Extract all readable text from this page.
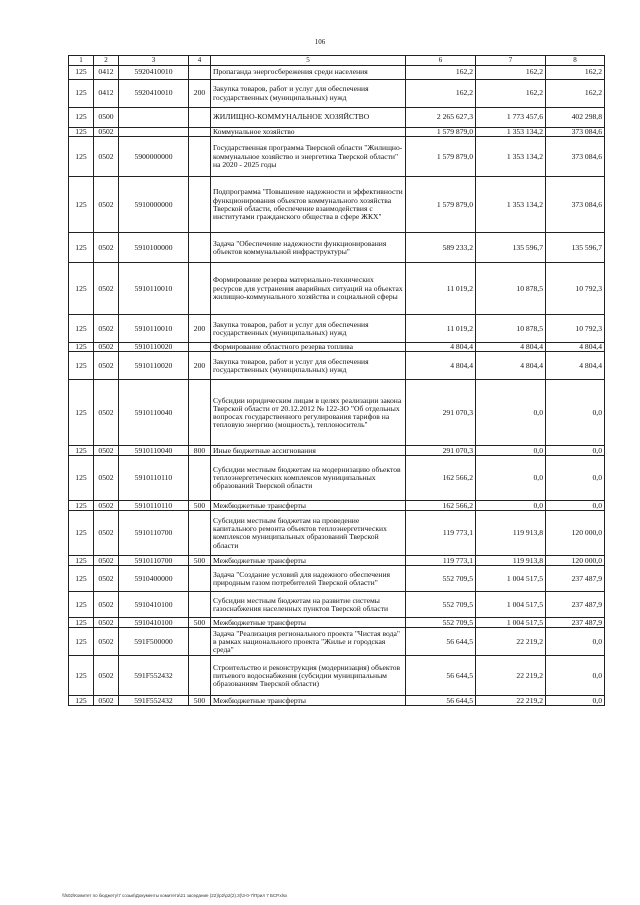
106
1	2	3	4	5	6	7	8
125	0412	5920410010		Пропаганда энергосбережения среди населения	162,2	162,2	162,2
125	0412	5920410010	200	Закупка товаров, работ и услуг для обеспечения государственных (муниципальных) нужд	162,2	162,2	162,2
125	0500			ЖИЛИЩНО-КОММУНАЛЬНОЕ ХОЗЯЙСТВО	2 265 627,3	1 773 457,6	402 298,8
125	0502			Коммунальное хозяйство	1 579 879,0	1 353 134,2	373 084,6
125	0502	5900000000		Государственная программа Тверской области "Жилищно-коммунальное хозяйство и энергетика Тверской области" на 2020 - 2025 годы	1 579 879,0	1 353 134,2	373 084,6
125	0502	5910000000		Подпрограмма "Повышение надежности и эффективности функционирования объектов коммунального хозяйства Тверской области, обеспечение взаимодействия с институтами гражданского общества в сфере ЖКХ"	1 579 879,0	1 353 134,2	373 084,6
125	0502	5910100000		Задача "Обеспечение надежности функционирования объектов коммунальной инфраструктуры"	589 233,2	135 596,7	135 596,7
125	0502	5910110010		Формирование резерва материально-технических ресурсов для устранения аварийных ситуаций на объектах жилищно-коммунального хозяйства и социальной сферы	11 019,2	10 878,5	10 792,3
125	0502	5910110010	200	Закупка товаров, работ и услуг для обеспечения государственных (муниципальных) нужд	11 019,2	10 878,5	10 792,3
125	0502	5910110020		Формирование областного резерва топлива	4 804,4	4 804,4	4 804,4
125	0502	5910110020	200	Закупка товаров, работ и услуг для обеспечения государственных (муниципальных) нужд	4 804,4	4 804,4	4 804,4
125	0502	5910110040		Субсидии юридическим лицам в целях реализации закона Тверской области от 20.12.2012 № 122-ЗО "Об отдельных вопросах государственного регулирования тарифов на тепловую энергию (мощность), теплоноситель"	291 070,3	0,0	0,0
125	0502	5910110040	800	Иные бюджетные ассигнования	291 070,3	0,0	0,0
125	0502	5910110110		Субсидии местным бюджетам на модернизацию объектов теплоэнергетических комплексов муниципальных образований Тверской области	162 566,2	0,0	0,0
125	0502	5910110110	500	Межбюджетные трансферты	162 566,2	0,0	0,0
125	0502	5910110700		Субсидии местным бюджетам на проведение капитального ремонта объектов теплоэнергетических комплексов муниципальных образований Тверской области	119 773,1	119 913,8	120 000,0
125	0502	5910110700	500	Межбюджетные трансферты	119 773,1	119 913,8	120 000,0
125	0502	5910400000		Задача "Создание условий для надежного обеспечения природным газом потребителей Тверской области"	552 709,5	1 004 517,5	237 487,9
125	0502	5910410100		Субсидии местным бюджетам на развитие системы газоснабжения населенных пунктов Тверской области	552 709,5	1 004 517,5	237 487,9
125	0502	5910410100	500	Межбюджетные трансферты	552 709,5	1 004 517,5	237 487,9
125	0502	591F500000		Задача "Реализация регионального проекта "Чистая вода" в рамках национального проекта "Жилье и городская среда"	56 644,5	22 219,2	0,0
125	0502	591F552432		Строительство и реконструкция (модернизация) объектов питьевого водоснабжения (субсидии муниципальным образованиям Тверской области)	56 644,5	22 219,2	0,0
125	0502	591F552432	500	Межбюджетные трансферты	56 644,5	22 219,2	0,0
\\fs02\Комитет по бюджету\7 созыв\Документы комитета\21 заседание (22)\р2\р2(2).3(\3-0-7\Прил 7 БСР.xlsx
